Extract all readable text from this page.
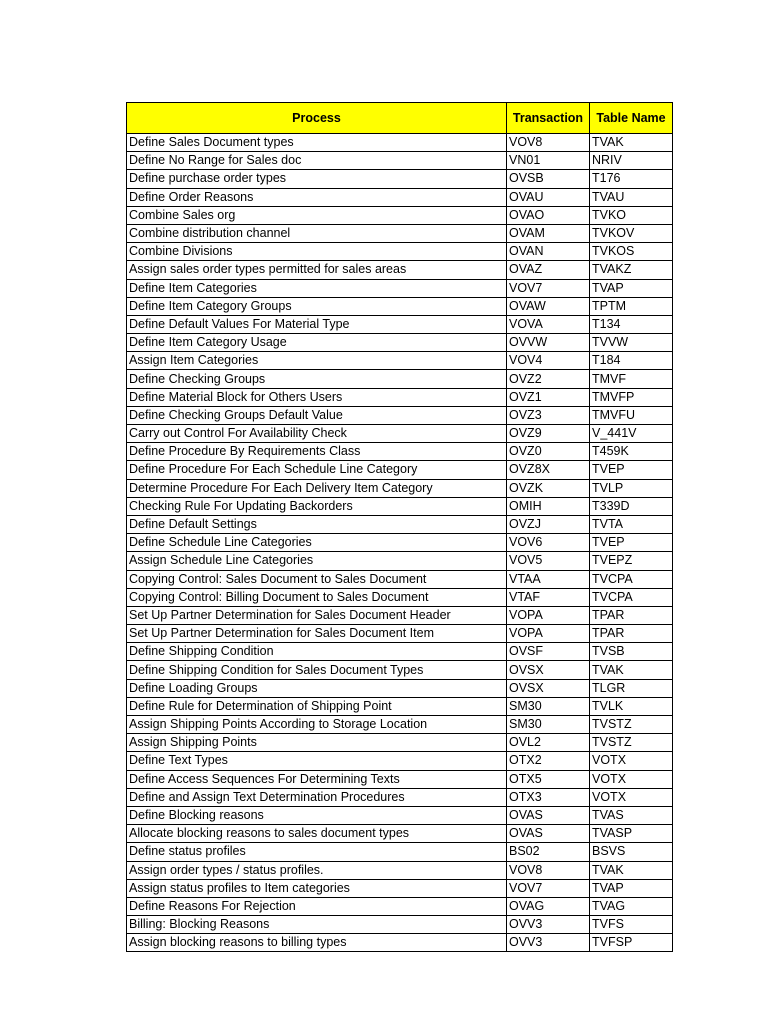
Process	Transaction	Table Name
Define Sales Document types	VOV8	TVAK
Define No Range for Sales doc	VN01	NRIV
Define purchase order types	OVSB	T176
Define Order Reasons	OVAU	TVAU
Combine Sales org	OVAO	TVKO
Combine distribution channel	OVAM	TVKOV
Combine Divisions	OVAN	TVKOS
Assign sales order types permitted for sales areas	OVAZ	TVAKZ
Define Item Categories	VOV7	TVAP
Define Item Category Groups	OVAW	TPTM
Define Default Values For Material Type	VOVA	T134
Define Item Category Usage	OVVW	TVVW
Assign Item Categories	VOV4	T184
Define Checking Groups	OVZ2	TMVF
Define Material Block for Others Users	OVZ1	TMVFP
Define Checking Groups Default Value	OVZ3	TMVFU
Carry out Control For Availability Check	OVZ9	V_441V
Define Procedure By Requirements Class	OVZ0	T459K
Define Procedure For Each Schedule Line Category	OVZ8X	TVEP
Determine Procedure For Each Delivery Item Category	OVZK	TVLP
Checking Rule For Updating Backorders	OMIH	T339D
Define Default Settings	OVZJ	TVTA
Define Schedule Line Categories	VOV6	TVEP
Assign Schedule Line Categories	VOV5	TVEPZ
Copying Control: Sales Document to Sales Document	VTAA	TVCPA
Copying Control: Billing Document to Sales Document	VTAF	TVCPA
Set Up Partner Determination for Sales Document Header	VOPA	TPAR
Set Up Partner Determination for Sales Document Item	VOPA	TPAR
Define Shipping Condition	OVSF	TVSB
Define Shipping Condition for Sales Document Types	OVSX	TVAK
Define Loading Groups	OVSX	TLGR
Define Rule for Determination of Shipping Point	SM30	TVLK
Assign Shipping Points According to Storage Location	SM30	TVSTZ
Assign Shipping Points	OVL2	TVSTZ
Define Text Types	OTX2	VOTX
Define Access Sequences For Determining Texts	OTX5	VOTX
Define and Assign Text Determination Procedures	OTX3	VOTX
Define Blocking reasons	OVAS	TVAS
Allocate blocking reasons to sales document types	OVAS	TVASP
Define status profiles	BS02	BSVS
Assign order types / status profiles.	VOV8	TVAK
Assign status profiles to Item categories	VOV7	TVAP
Define Reasons For Rejection	OVAG	TVAG
Billing: Blocking Reasons	OVV3	TVFS
Assign blocking reasons to billing types	OVV3	TVFSP
